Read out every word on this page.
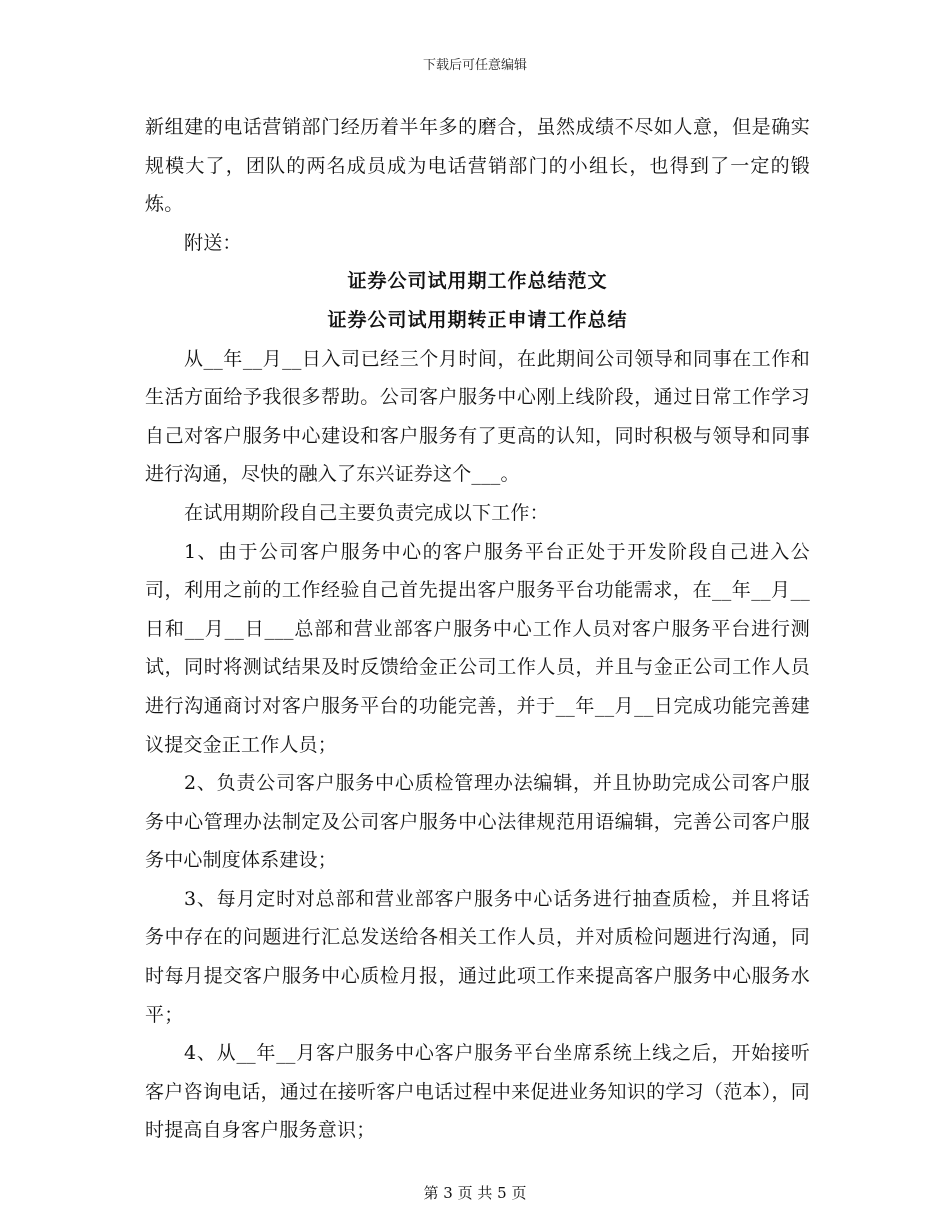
下载后可任意编辑

新组建的电话营销部门经历着半年多的磨合，虽然成绩不尽如人意，但是确实规模大了，团队的两名成员成为电话营销部门的小组长，也得到了一定的锻炼。

附送：

证券公司试用期工作总结范文

证券公司试用期转正申请工作总结

从__年__月__日入司已经三个月时间，在此期间公司领导和同事在工作和生活方面给予我很多帮助。公司客户服务中心刚上线阶段，通过日常工作学习自己对客户服务中心建设和客户服务有了更高的认知，同时积极与领导和同事进行沟通，尽快的融入了东兴证券这个___。

在试用期阶段自己主要负责完成以下工作：

1、由于公司客户服务中心的客户服务平台正处于开发阶段自己进入公司，利用之前的工作经验自己首先提出客户服务平台功能需求，在__年__月__日和__月__日___总部和营业部客户服务中心工作人员对客户服务平台进行测试，同时将测试结果及时反馈给金正公司工作人员，并且与金正公司工作人员进行沟通商讨对客户服务平台的功能完善，并于__年__月__日完成功能完善建议提交金正工作人员；

2、负责公司客户服务中心质检管理办法编辑，并且协助完成公司客户服务中心管理办法制定及公司客户服务中心法律规范用语编辑，完善公司客户服务中心制度体系建设；

3、每月定时对总部和营业部客户服务中心话务进行抽查质检，并且将话务中存在的问题进行汇总发送给各相关工作人员，并对质检问题进行沟通，同时每月提交客户服务中心质检月报，通过此项工作来提高客户服务中心服务水平；

4、从__年__月客户服务中心客户服务平台坐席系统上线之后，开始接听客户咨询电话，通过在接听客户电话过程中来促进业务知识的学习（范本），同时提高自身客户服务意识；

第 3 页 共 5 页
